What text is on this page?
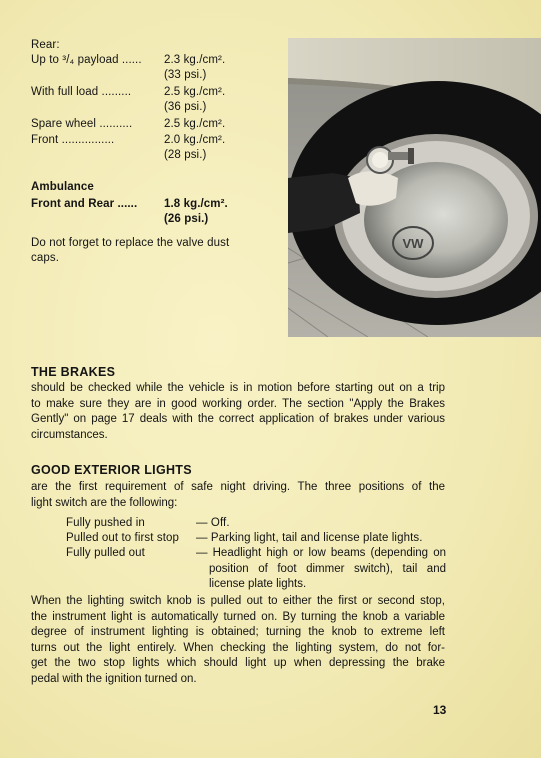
Rear:
Up to ³/₄ payload ...... 2.3 kg./cm².
(33 psi.)
With full load .........	2.5 kg./cm².
(36 psi.)
Spare wheel ..........	2.5 kg./cm².
Front ................	2.0 kg./cm².
(28 psi.)
Ambulance
Front and Rear ...... 1.8 kg./cm².
(26 psi.)
Do not forget to replace the valve dust
caps.
VW
THE BRAKES
should be checked while the vehicle is in motion before starting out on a trip
to make sure they are in good working order. The section "Apply the Brakes
Gently" on page 17 deals with the correct application of brakes under various
circumstances.
GOOD EXTERIOR LIGHTS
are the first requirement of safe night driving. The three positions of the
light switch are the following:
Fully pushed in	— Off.
Pulled out to first stop — Parking light, tail and license plate lights.
Fully pulled out	— Headlight high or low beams (depending on
position of foot dimmer switch), tail and
license plate lights.
When the lighting switch knob is pulled out to either the first or second stop,
the instrument light is automatically turned on. By turning the knob a variable
degree of instrument lighting is obtained; turning the knob to extreme left
turns out the light entirely. When checking the lighting system, do not for-
get the two stop lights which should light up when depressing the brake
pedal with the ignition turned on.
13
